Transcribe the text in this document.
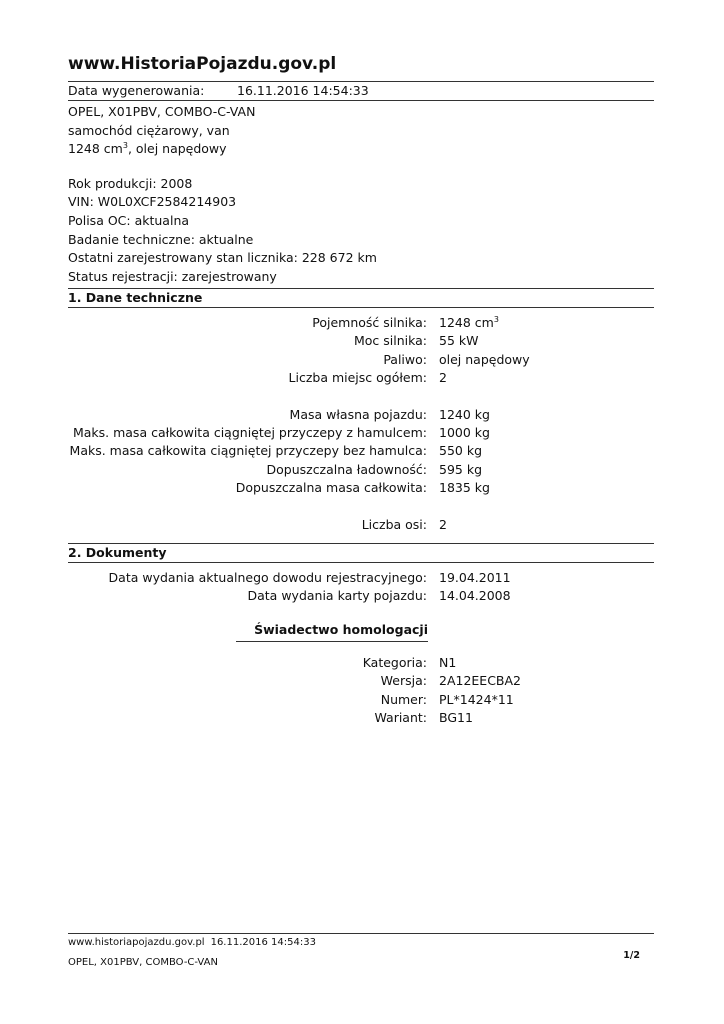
www.HistoriaPojazdu.gov.pl
Data wygenerowania:	16.11.2016 14:54:33
OPEL, X01PBV, COMBO-C-VAN
samochód ciężarowy, van
1248 $cm^3$, olej napędowy
Rok produkcji: 2008
VIN: W0L0XCF2584214903
Polisa OC: aktualna
Badanie techniczne: aktualne
Ostatni zarejestrowany stan licznika: 228 672 km
Status rejestracji: zarejestrowany
1. Dane techniczne
Pojemność silnika: 1248 $cm^3$
Moc silnika: 55 kW
Paliwo: olej napędowy
Liczba miejsc ogółem: 2
Masa własna pojazdu: 1240 kg
Maks. masa całkowita ciągniętej przyczepy z hamulcem: 1000 kg
Maks. masa całkowita ciągniętej przyczepy bez hamulca: 550 kg
Dopuszczalna ładowność: 595 kg
Dopuszczalna masa całkowita: 1835 kg
Liczba osi: 2
2. Dokumenty
Data wydania aktualnego dowodu rejestracyjnego: 19.04.2011
Data wydania karty pojazdu: 14.04.2008
Świadectwo homologacji
Kategoria: N1
Wersja: 2A12EECBA2
Numer: PL*1424*11
Wariant: BG11
www.historiapojazdu.gov.pl 16.11.2016 14:54:33
OPEL, X01PBV, COMBO-C-VAN
1/2
